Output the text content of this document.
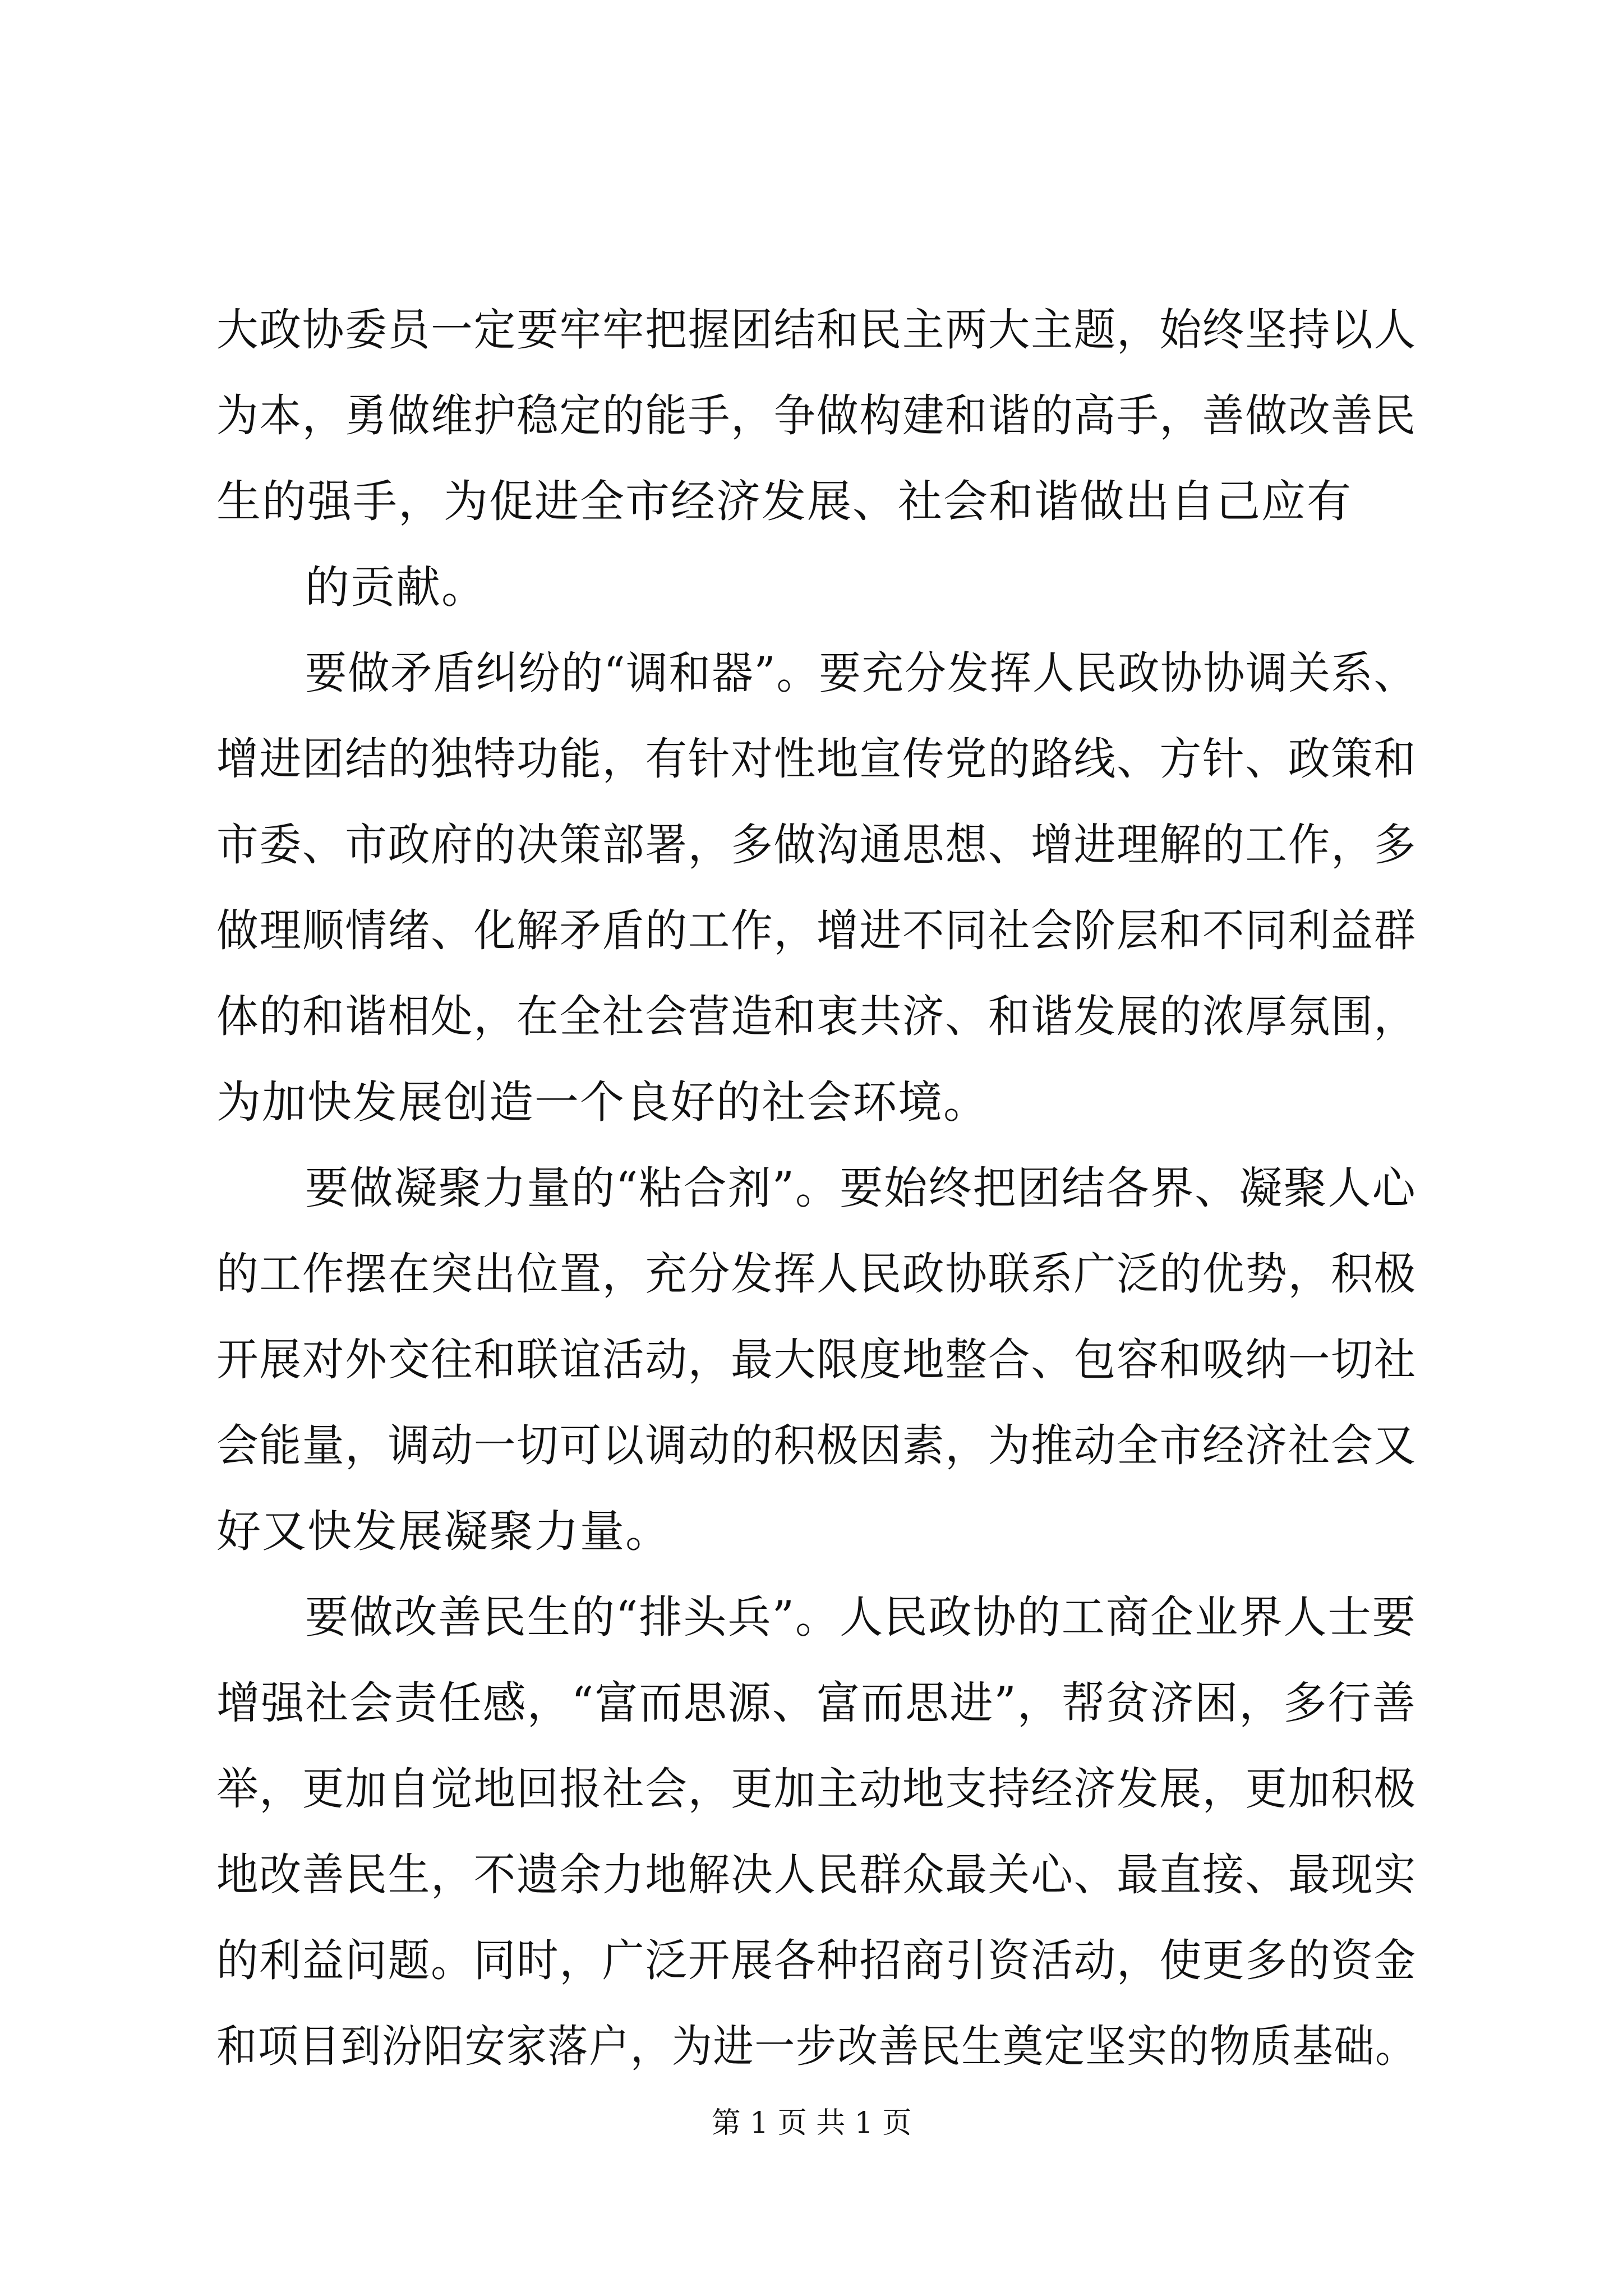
大政协委员一定要牢牢把握团结和民主两大主题，始终坚持以人
为本，勇做维护稳定的能手，争做构建和谐的高手，善做改善民
生的强手，为促进全市经济发展、社会和谐做出自己应有
的贡献。
要做矛盾纠纷的“调和器”。要充分发挥人民政协协调关系、
增进团结的独特功能，有针对性地宣传党的路线、方针、政策和
市委、市政府的决策部署，多做沟通思想、增进理解的工作，多
做理顺情绪、化解矛盾的工作，增进不同社会阶层和不同利益群
体的和谐相处，在全社会营造和衷共济、和谐发展的浓厚氛围，
为加快发展创造一个良好的社会环境。
要做凝聚力量的“粘合剂”。要始终把团结各界、凝聚人心
的工作摆在突出位置，充分发挥人民政协联系广泛的优势，积极
开展对外交往和联谊活动，最大限度地整合、包容和吸纳一切社
会能量，调动一切可以调动的积极因素，为推动全市经济社会又
好又快发展凝聚力量。
要做改善民生的“排头兵”。人民政协的工商企业界人士要
增强社会责任感，“富而思源、富而思进”，帮贫济困，多行善
举，更加自觉地回报社会，更加主动地支持经济发展，更加积极
地改善民生，不遗余力地解决人民群众最关心、最直接、最现实
的利益问题。同时，广泛开展各种招商引资活动，使更多的资金
和项目到汾阳安家落户，为进一步改善民生奠定坚实的物质基础。
第 1 页 共 1 页
